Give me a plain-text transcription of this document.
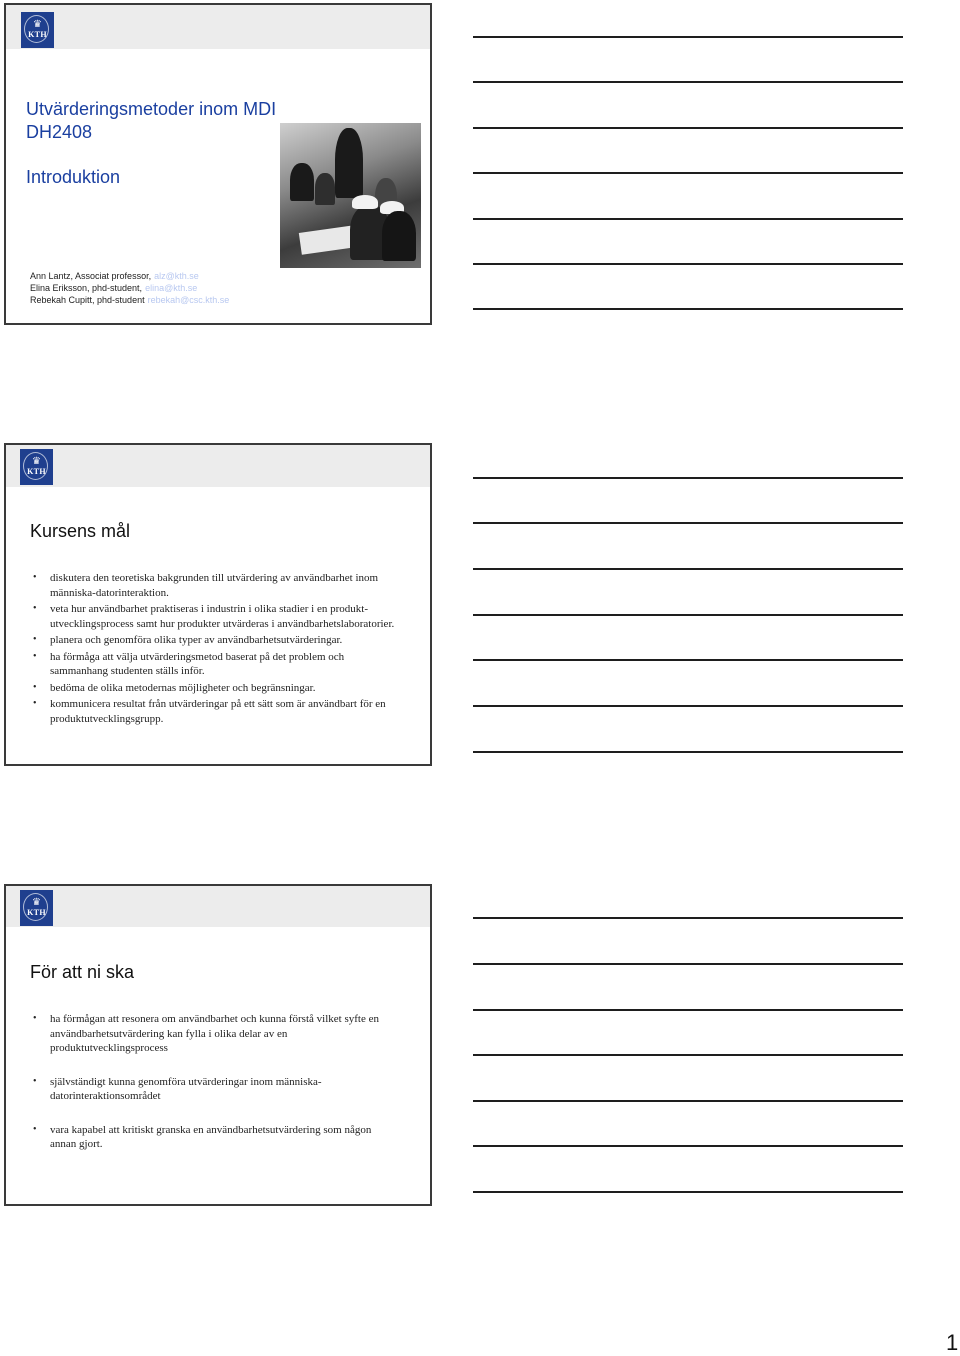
♛
KTH
Utvärderingsmetoder inom MDI
DH2408
Introduktion
Ann Lantz, Associat professor, alz@kth.se
Elina Eriksson, phd-student, elina@kth.se
Rebekah Cupitt, phd-student rebekah@csc.kth.se
♛
KTH
Kursens mål
• diskutera den teoretiska bakgrunden till utvärdering av användbarhet inom
människa-datorinteraktion.
• veta hur användbarhet praktiseras i industrin i olika stadier i en produkt-
utvecklingsprocess samt hur produkter utvärderas i användbarhetslaboratorier.
• planera och genomföra olika typer av användbarhetsutvärderingar.
• ha förmåga att välja utvärderingsmetod baserat på det problem och
sammanhang studenten ställs inför.
• bedöma de olika metodernas möjligheter och begränsningar.
• kommunicera resultat från utvärderingar på ett sätt som är användbart för en
produktutvecklingsgrupp.
♛
KTH
För att ni ska
• ha förmågan att resonera om användbarhet och kunna förstå vilket syfte en
användbarhetsutvärdering kan fylla i olika delar av en
produktutvecklingsprocess
• självständigt kunna genomföra utvärderingar inom människa-
datorinteraktionsområdet
• vara kapabel att kritiskt granska en användbarhetsutvärdering som någon
annan gjort.
1
